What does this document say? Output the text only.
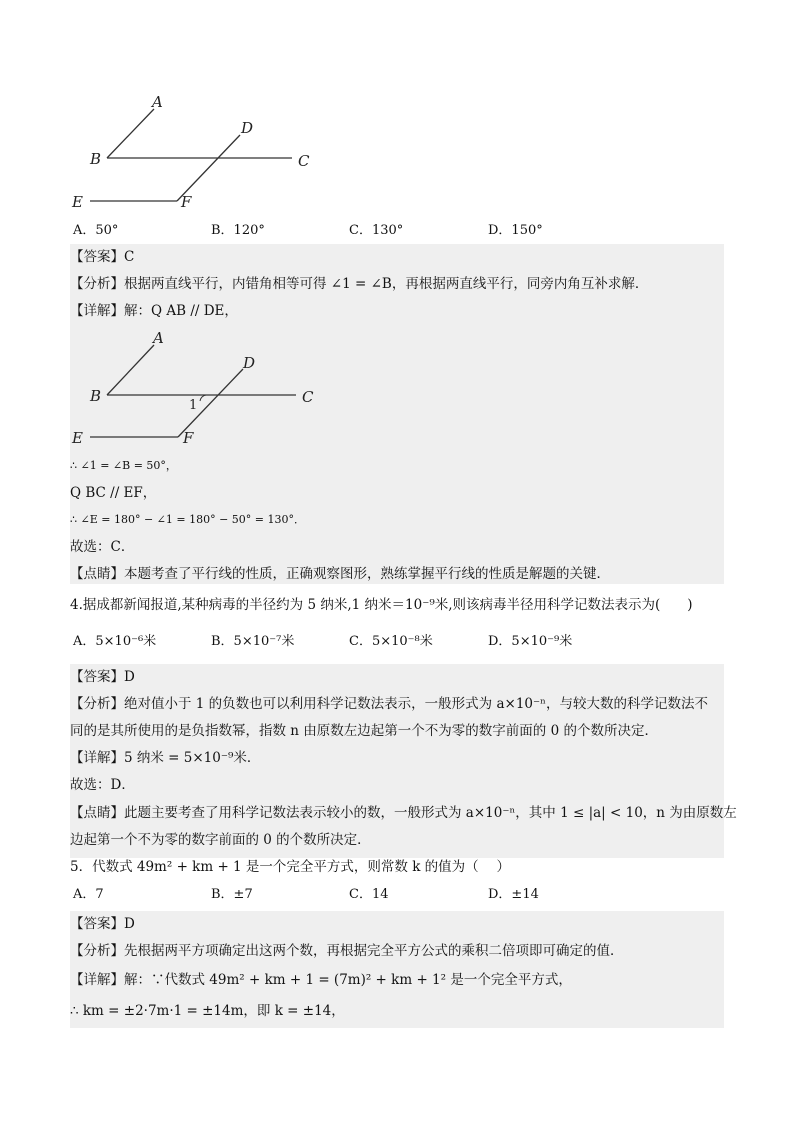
A
B	C
D
E	F
A．50°	B．120°	C．130°	D．150°
【答案】C
【分析】根据两直线平行，内错角相等可得 ∠1 = ∠B，再根据两直线平行，同旁内角互补求解．
【详解】解：Q AB // DE，
A
B	C
D
E	F
1
∴ ∠1 = ∠B = 50°，
Q BC // EF，
∴ ∠E = 180° − ∠1 = 180° − 50° = 130°．
故选：C．
【点睛】本题考查了平行线的性质，正确观察图形，熟练掌握平行线的性质是解题的关键．
4.据成都新闻报道,某种病毒的半径约为 5 纳米,1 纳米＝10⁻⁹米,则该病毒半径用科学记数法表示为(　　)
A．5×10⁻⁶米	B．5×10⁻⁷米	C．5×10⁻⁸米	D．5×10⁻⁹米
【答案】D
【分析】绝对值小于 1 的负数也可以利用科学记数法表示，一般形式为 a×10⁻ⁿ，与较大数的科学记数法不
同的是其所使用的是负指数幂，指数 n 由原数左边起第一个不为零的数字前面的 0 的个数所决定．
【详解】5 纳米 = 5×10⁻⁹米．
故选：D．
【点睛】此题主要考查了用科学记数法表示较小的数，一般形式为 a×10⁻ⁿ，其中 1 ≤ |a| < 10，n 为由原数左
边起第一个不为零的数字前面的 0 的个数所决定．
5．代数式 49m² + km + 1 是一个完全平方式，则常数 k 的值为（　 ）
A．7	B．±7	C．14	D．±14
【答案】D
【分析】先根据两平方项确定出这两个数，再根据完全平方公式的乘积二倍项即可确定的值．
【详解】解：∵代数式 49m² + km + 1 = (7m)² + km + 1² 是一个完全平方式，
∴ km = ±2·7m·1 = ±14m，即 k = ±14，
